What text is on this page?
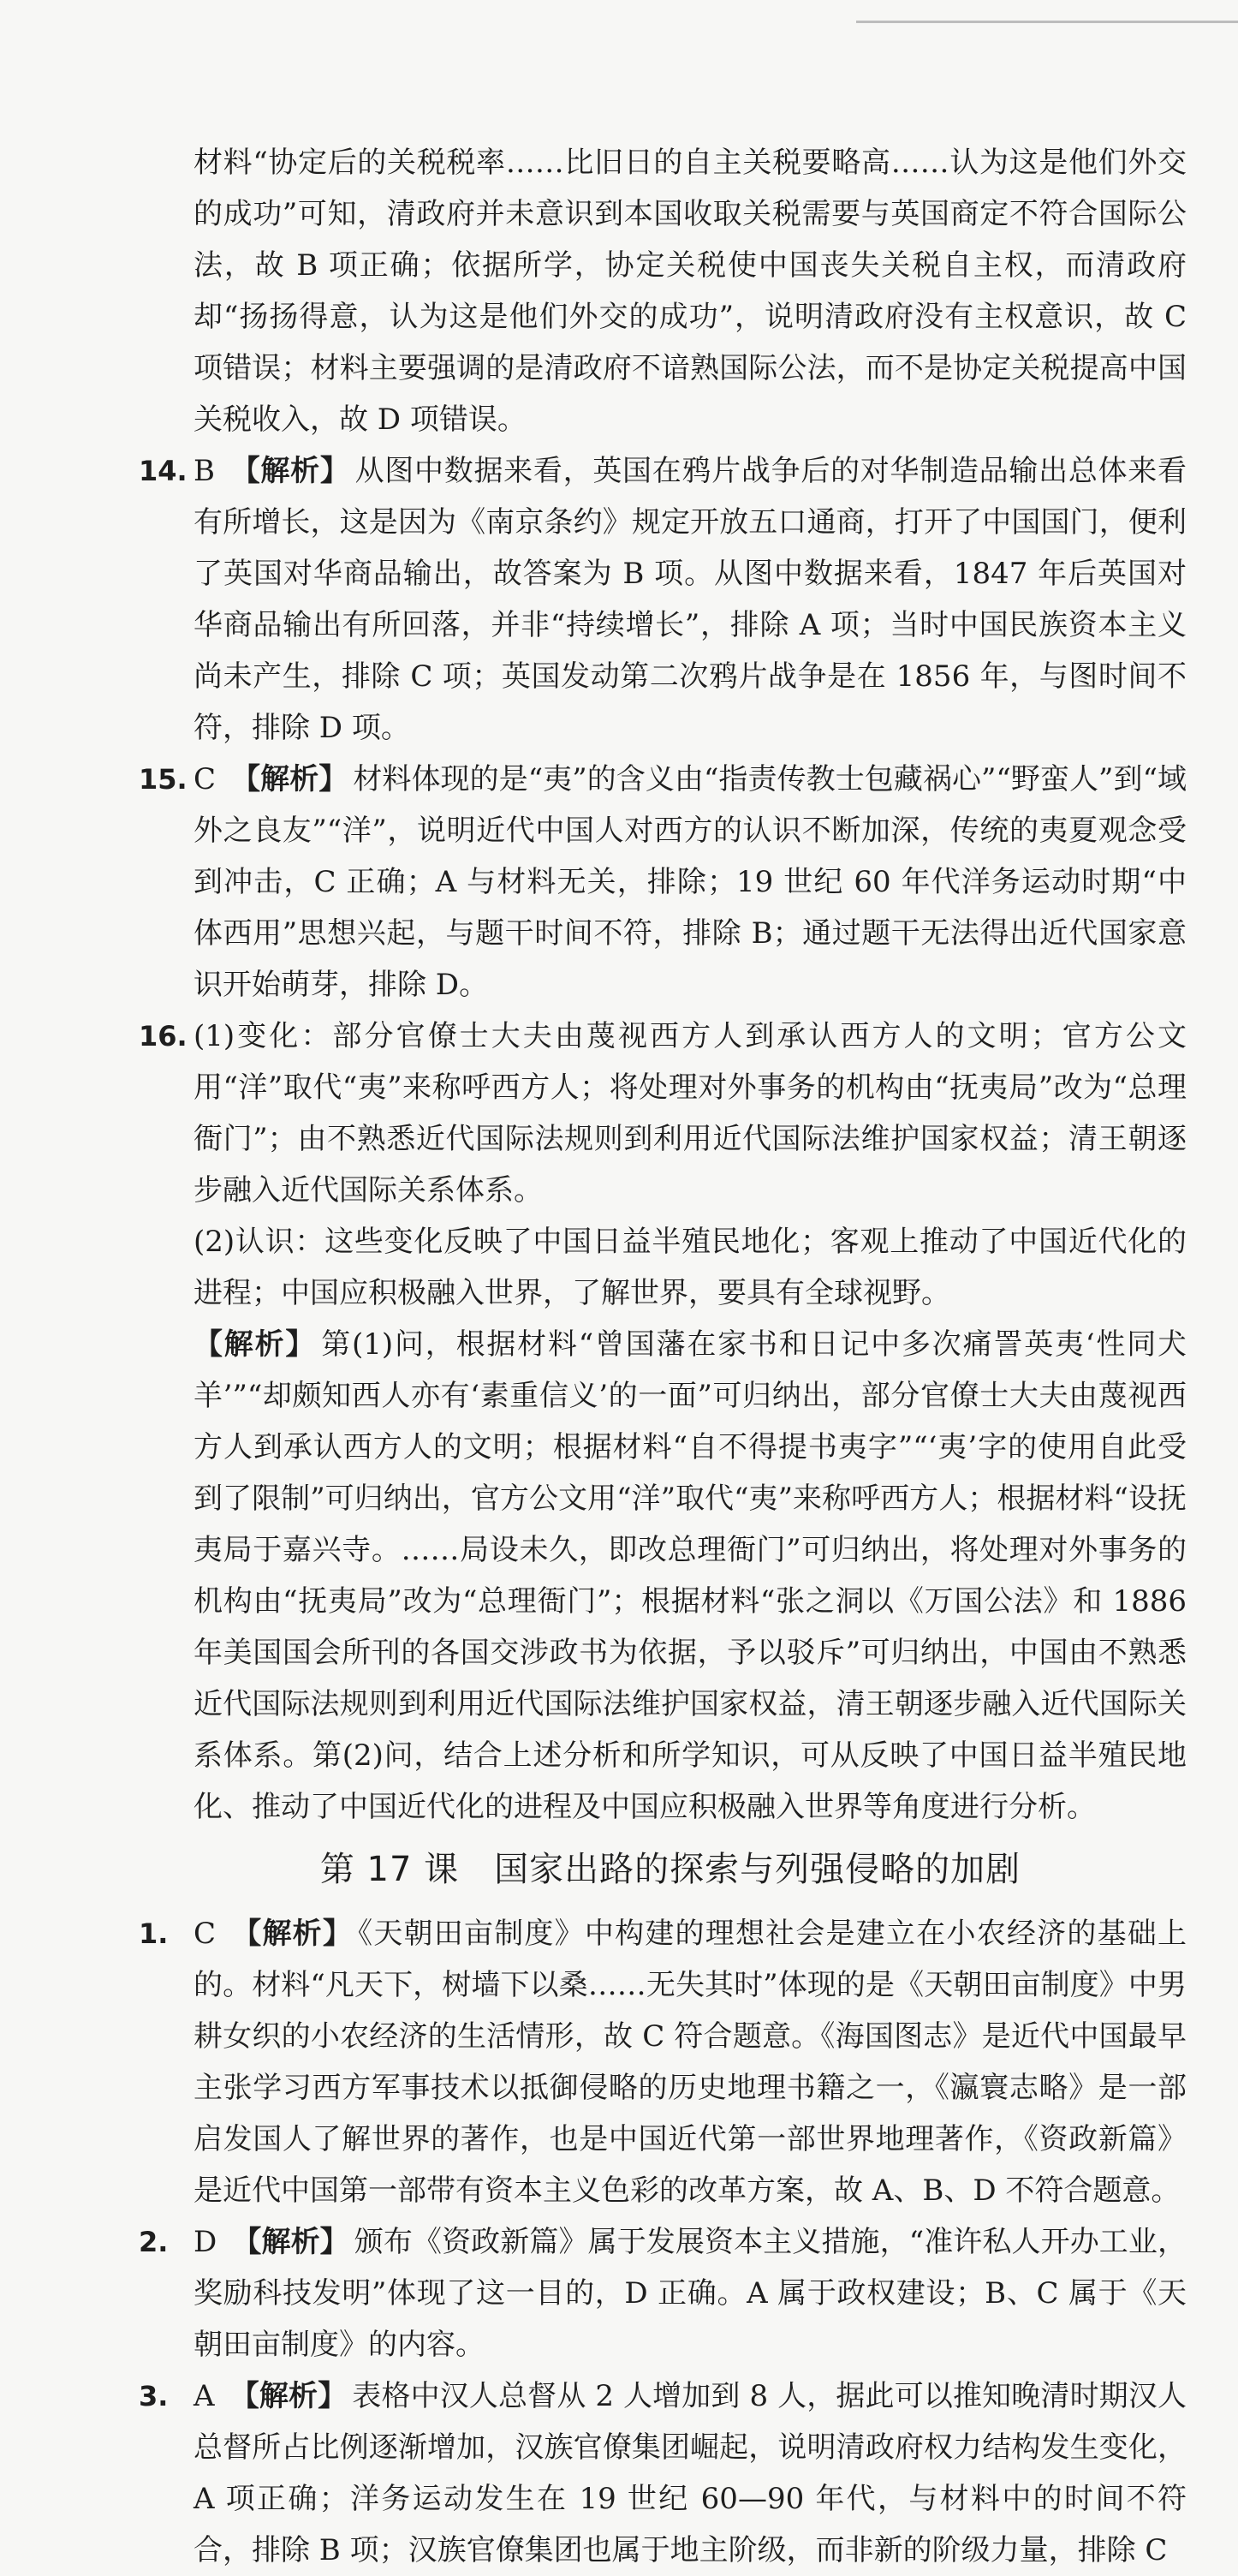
材料“协定后的关税税率……比旧日的自主关税要略高……认为这是他们外交的成功”可知，清政府并未意识到本国收取关税需要与英国商定不符合国际公法，故 B 项正确；依据所学，协定关税使中国丧失关税自主权，而清政府却“扬扬得意，认为这是他们外交的成功”，说明清政府没有主权意识，故 C 项错误；材料主要强调的是清政府不谙熟国际公法，而不是协定关税提高中国关税收入，故 D 项错误。

14. B 【解析】 从图中数据来看，英国在鸦片战争后的对华制造品输出总体来看有所增长，这是因为《南京条约》规定开放五口通商，打开了中国国门，便利了英国对华商品输出，故答案为 B 项。从图中数据来看，1847 年后英国对华商品输出有所回落，并非“持续增长”，排除 A 项；当时中国民族资本主义尚未产生，排除 C 项；英国发动第二次鸦片战争是在 1856 年，与图时间不符，排除 D 项。

15. C 【解析】 材料体现的是“夷”的含义由“指责传教士包藏祸心”“野蛮人”到“域外之良友”“洋”，说明近代中国人对西方的认识不断加深，传统的夷夏观念受到冲击，C 正确；A 与材料无关，排除；19 世纪 60 年代洋务运动时期“中体西用”思想兴起，与题干时间不符，排除 B；通过题干无法得出近代国家意识开始萌芽，排除 D。

16. (1)变化：部分官僚士大夫由蔑视西方人到承认西方人的文明；官方公文用“洋”取代“夷”来称呼西方人；将处理对外事务的机构由“抚夷局”改为“总理衙门”；由不熟悉近代国际法规则到利用近代国际法维护国家权益；清王朝逐步融入近代国际关系体系。

(2)认识：这些变化反映了中国日益半殖民地化；客观上推动了中国近代化的进程；中国应积极融入世界，了解世界，要具有全球视野。

【解析】 第(1)问，根据材料“曾国藩在家书和日记中多次痛詈英夷‘性同犬羊’”“却颇知西人亦有‘素重信义’的一面”可归纳出，部分官僚士大夫由蔑视西方人到承认西方人的文明；根据材料“自不得提书夷字”“‘夷’字的使用自此受到了限制”可归纳出，官方公文用“洋”取代“夷”来称呼西方人；根据材料“设抚夷局于嘉兴寺。……局设未久，即改总理衙门”可归纳出，将处理对外事务的机构由“抚夷局”改为“总理衙门”；根据材料“张之洞以《万国公法》和 1886 年美国国会所刊的各国交涉政书为依据，予以驳斥”可归纳出，中国由不熟悉近代国际法规则到利用近代国际法维护国家权益，清王朝逐步融入近代国际关系体系。第(2)问，结合上述分析和所学知识，可从反映了中国日益半殖民地化、推动了中国近代化的进程及中国应积极融入世界等角度进行分析。

第 17 课　国家出路的探索与列强侵略的加剧
1. C 【解析】 《天朝田亩制度》中构建的理想社会是建立在小农经济的基础上的。材料“凡天下，树墙下以桑……无失其时”体现的是《天朝田亩制度》中男耕女织的小农经济的生活情形，故 C 符合题意。《海国图志》是近代中国最早主张学习西方军事技术以抵御侵略的历史地理书籍之一，《瀛寰志略》是一部启发国人了解世界的著作，也是中国近代第一部世界地理著作，《资政新篇》是近代中国第一部带有资本主义色彩的改革方案，故 A、B、D 不符合题意。

2. D 【解析】 颁布《资政新篇》属于发展资本主义措施，“准许私人开办工业，奖励科技发明”体现了这一目的，D 正确。A 属于政权建设；B、C 属于《天朝田亩制度》的内容。

3. A 【解析】 表格中汉人总督从 2 人增加到 8 人，据此可以推知晚清时期汉人总督所占比例逐渐增加，汉族官僚集团崛起，说明清政府权力结构发生变化，A 项正确；洋务运动发生在 19 世纪 60—90 年代，与材料中的时间不符合，排除 B 项；汉族官僚集团也属于地主阶级，而非新的阶级力量，排除 C
